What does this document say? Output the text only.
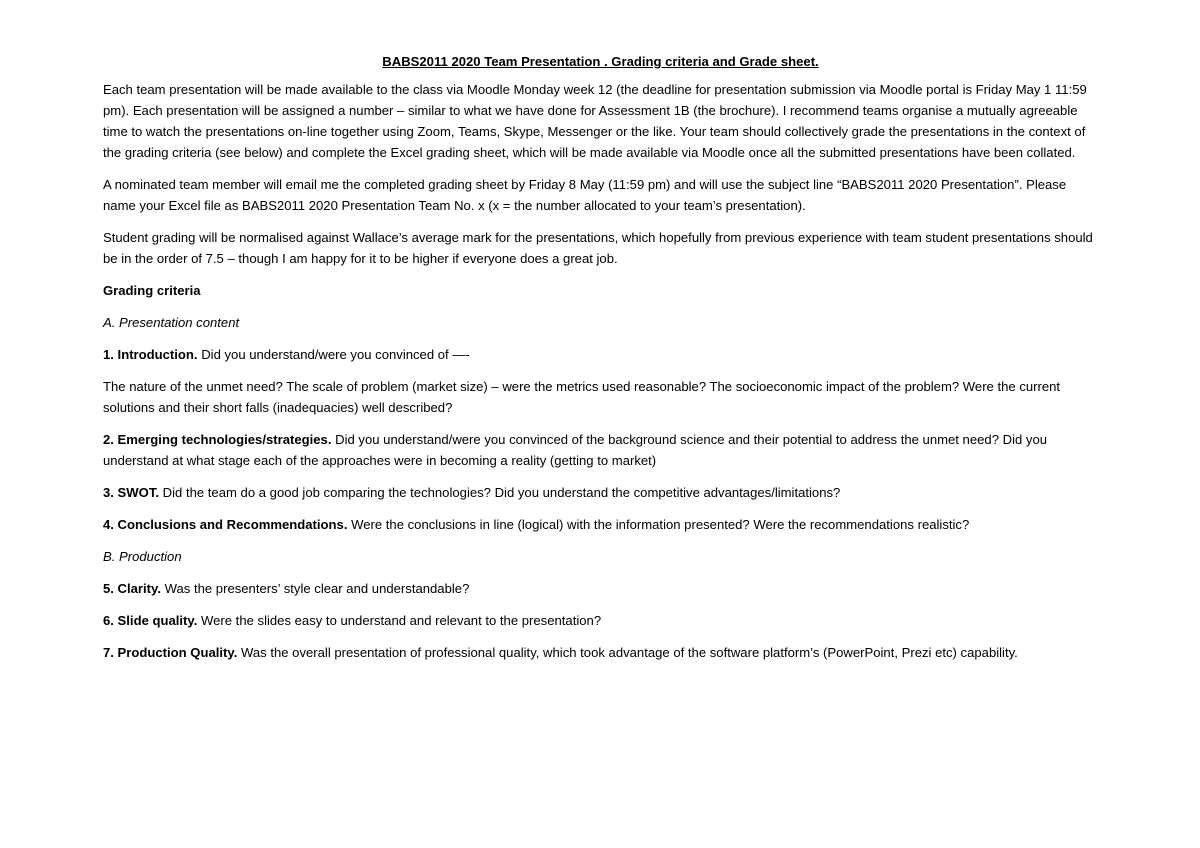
BABS2011 2020 Team Presentation . Grading criteria and Grade sheet.

Each team presentation will be made available to the class via Moodle Monday week 12 (the deadline for presentation submission via Moodle portal is Friday May 1 11:59 pm). Each presentation will be assigned a number – similar to what we have done for Assessment 1B (the brochure). I recommend teams organise a mutually agreeable time to watch the presentations on-line together using Zoom, Teams, Skype, Messenger or the like. Your team should collectively grade the presentations in the context of the grading criteria (see below) and complete the Excel grading sheet, which will be made available via Moodle once all the submitted presentations have been collated.

A nominated team member will email me the completed grading sheet by Friday 8 May (11:59 pm) and will use the subject line “BABS2011 2020 Presentation”. Please name your Excel file as BABS2011 2020 Presentation Team No. x (x = the number allocated to your team’s presentation).

Student grading will be normalised against Wallace’s average mark for the presentations, which hopefully from previous experience with team student presentations should be in the order of 7.5 – though I am happy for it to be higher if everyone does a great job.

Grading criteria

A. Presentation content

1. Introduction. Did you understand/were you convinced of —-

The nature of the unmet need? The scale of problem (market size) – were the metrics used reasonable? The socioeconomic impact of the problem? Were the current solutions and their short falls (inadequacies) well described?

2. Emerging technologies/strategies. Did you understand/were you convinced of the background science and their potential to address the unmet need? Did you understand at what stage each of the approaches were in becoming a reality (getting to market)

3. SWOT. Did the team do a good job comparing the technologies? Did you understand the competitive advantages/limitations?

4. Conclusions and Recommendations. Were the conclusions in line (logical) with the information presented? Were the recommendations realistic?

B. Production

5. Clarity. Was the presenters’ style clear and understandable?

6. Slide quality. Were the slides easy to understand and relevant to the presentation?

7. Production Quality. Was the overall presentation of professional quality, which took advantage of the software platform’s (PowerPoint, Prezi etc) capability.
